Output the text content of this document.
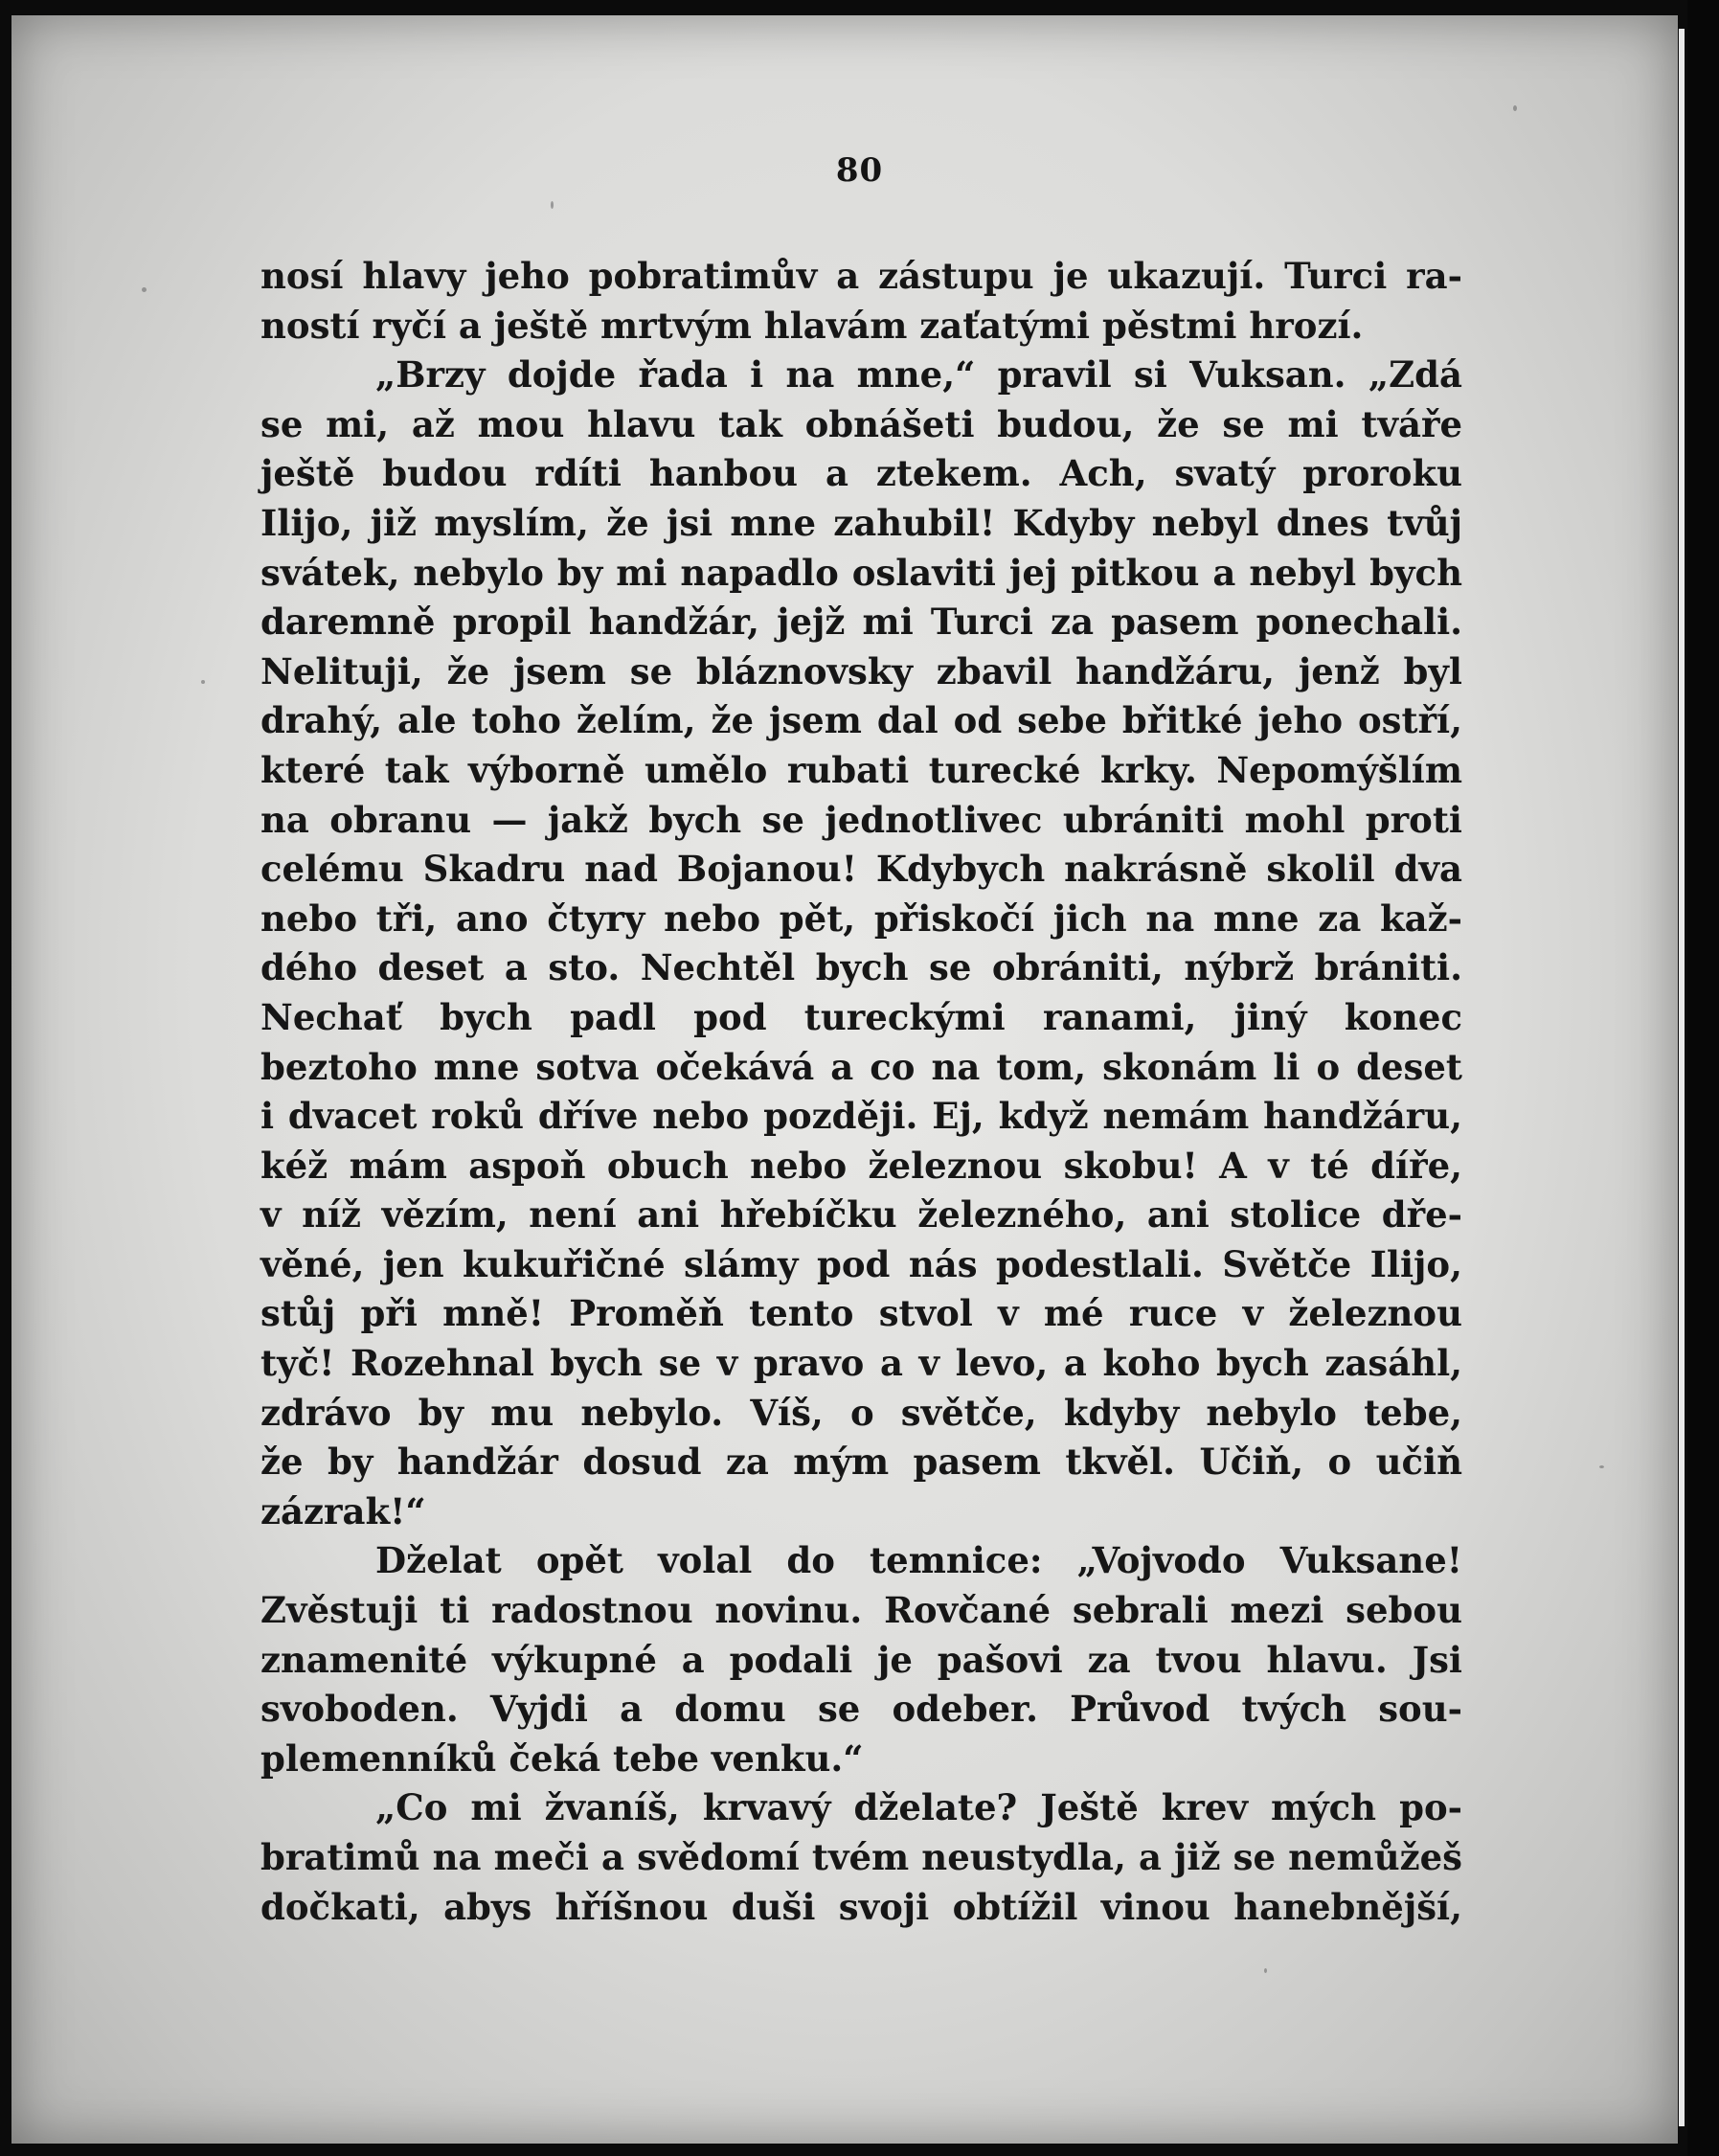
80
nosí hlavy jeho pobratimův a zástupu je ukazují. Turci ra-
ností ryčí a ještě mrtvým hlavám zaťatými pěstmi hrozí.
„Brzy dojde řada i na mne,“ pravil si Vuksan. „Zdá
se mi, až mou hlavu tak obnášeti budou, že se mi tváře
ještě budou rdíti hanbou a ztekem. Ach, svatý proroku
Ilijo, již myslím, že jsi mne zahubil! Kdyby nebyl dnes tvůj
svátek, nebylo by mi napadlo oslaviti jej pitkou a nebyl bych
daremně propil handžár, jejž mi Turci za pasem ponechali.
Nelituji, že jsem se bláznovsky zbavil handžáru, jenž byl
drahý, ale toho želím, že jsem dal od sebe břitké jeho ostří,
které tak výborně umělo rubati turecké krky. Nepomýšlím
na obranu — jakž bych se jednotlivec ubrániti mohl proti
celému Skadru nad Bojanou! Kdybych nakrásně skolil dva
nebo tři, ano čtyry nebo pět, přiskočí jich na mne za kaž-
dého deset a sto. Nechtěl bych se obrániti, nýbrž brániti.
Nechať bych padl pod tureckými ranami, jiný konec
beztoho mne sotva očekává a co na tom, skonám li o deset
i dvacet roků dříve nebo později. Ej, když nemám handžáru,
kéž mám aspoň obuch nebo železnou skobu! A v té díře,
v níž vězím, není ani hřebíčku železného, ani stolice dře-
věné, jen kukuřičné slámy pod nás podestlali. Světče Ilijo,
stůj při mně! Proměň tento stvol v mé ruce v železnou
tyč! Rozehnal bych se v pravo a v levo, a koho bych zasáhl,
zdrávo by mu nebylo. Víš, o světče, kdyby nebylo tebe,
že by handžár dosud za mým pasem tkvěl. Učiň, o učiň
zázrak!“
Dželat opět volal do temnice: „Vojvodo Vuksane!
Zvěstuji ti radostnou novinu. Rovčané sebrali mezi sebou
znamenité výkupné a podali je pašovi za tvou hlavu. Jsi
svoboden. Vyjdi a domu se odeber. Průvod tvých sou-
plemenníků čeká tebe venku.“
„Co mi žvaníš, krvavý dželate? Ještě krev mých po-
bratimů na meči a svědomí tvém neustydla, a již se nemůžeš
dočkati, abys hříšnou duši svoji obtížil vinou hanebnější,
